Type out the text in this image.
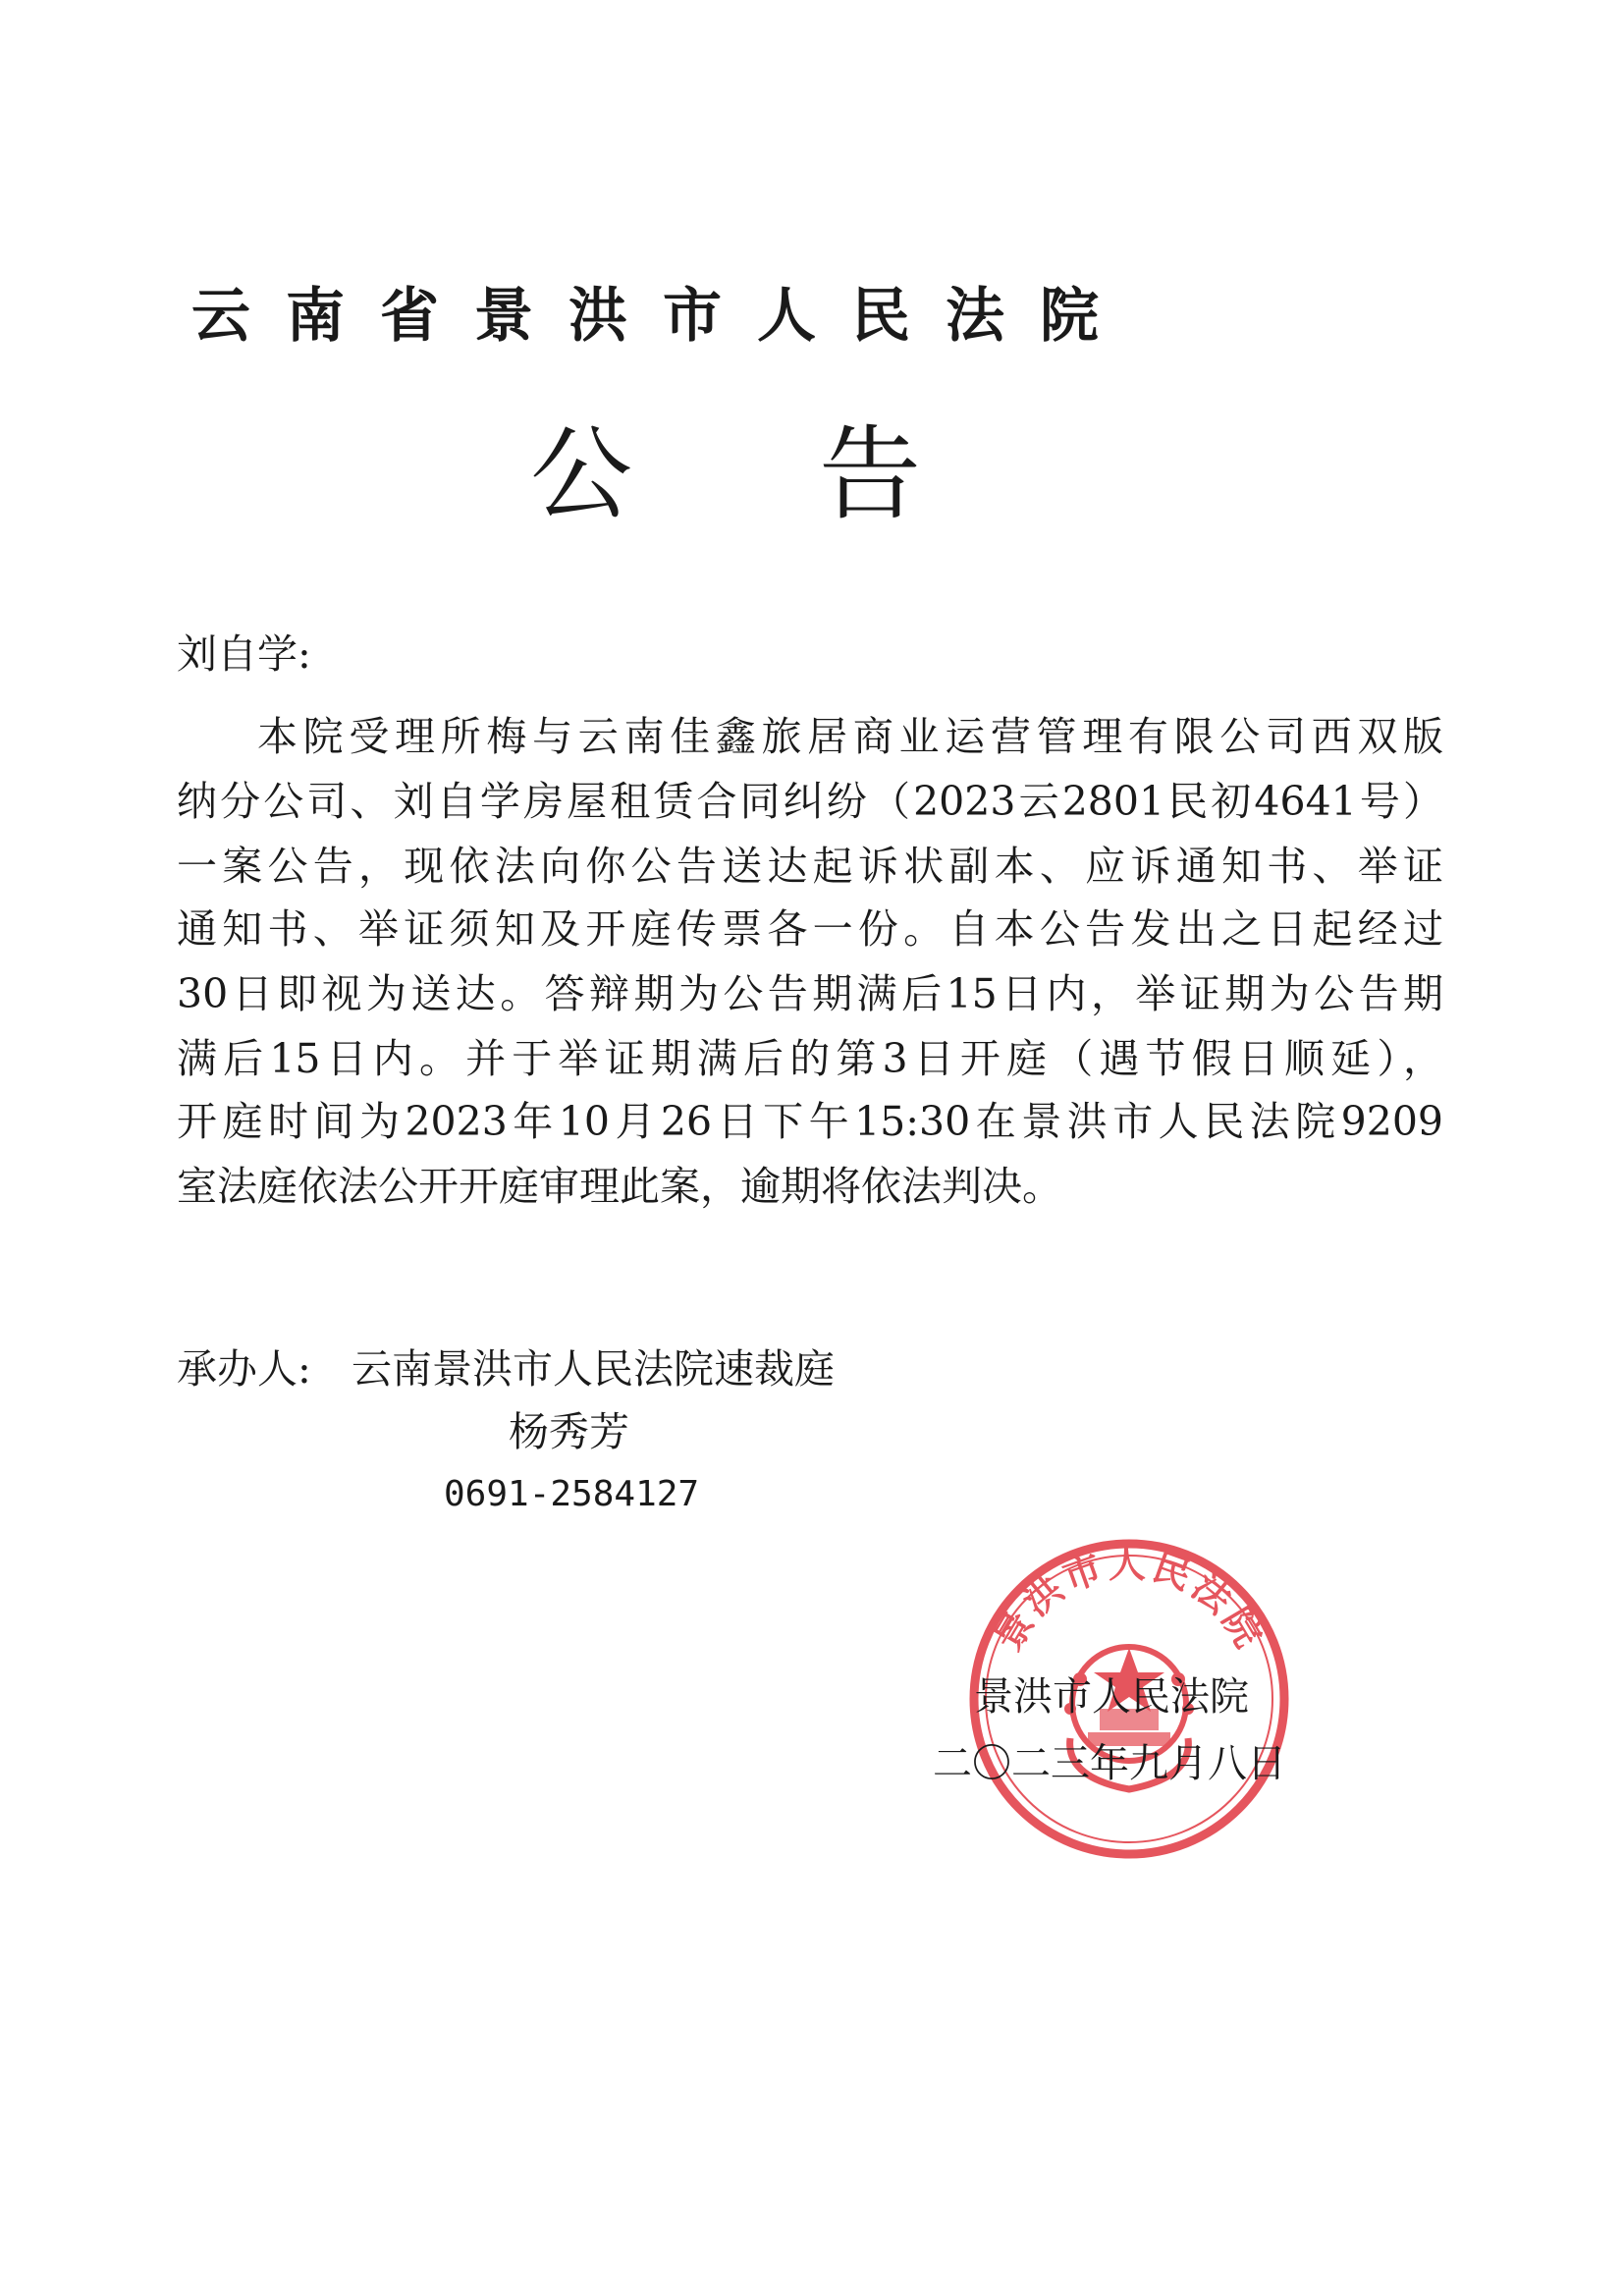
云南省景洪市人民法院
公告
刘自学:
本院受理所梅与云南佳鑫旅居商业运营管理有限公司西双版
纳分公司、刘自学房屋租赁合同纠纷（2023云2801民初4641号）
一案公告，现依法向你公告送达起诉状副本、应诉通知书、举证
通知书、举证须知及开庭传票各一份。自本公告发出之日起经过
30日即视为送达。答辩期为公告期满后15日内，举证期为公告期
满后15日内。并于举证期满后的第3日开庭（遇节假日顺延），
开庭时间为2023年10月26日下午15:30在景洪市人民法院9209
室法庭依法公开开庭审理此案，逾期将依法判决。
承办人: 云南景洪市人民法院速裁庭
杨秀芳
0691-2584127
景洪市人民法院
景洪市人民法院
二〇二三年九月八日
